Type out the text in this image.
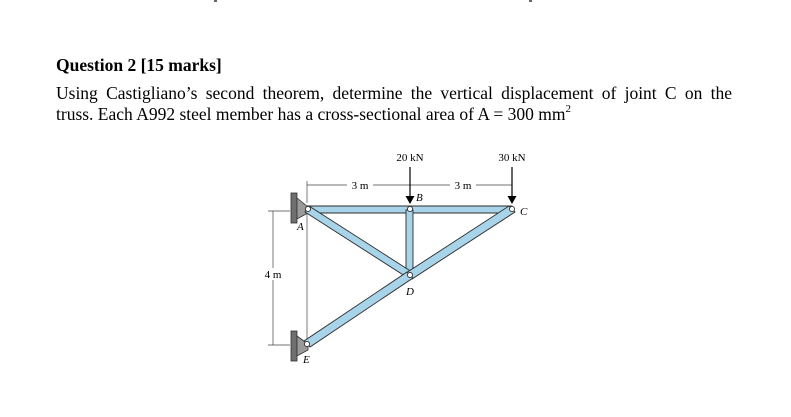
Question 2 [15 marks]

Using Castigliano’s second theorem, determine the vertical displacement of joint C on the
truss. Each A992 steel member has a cross-sectional area of A = 300 $mm^2$

20 kN	30 kN
3 m	3 m
4 m
A
B
C
D
E
